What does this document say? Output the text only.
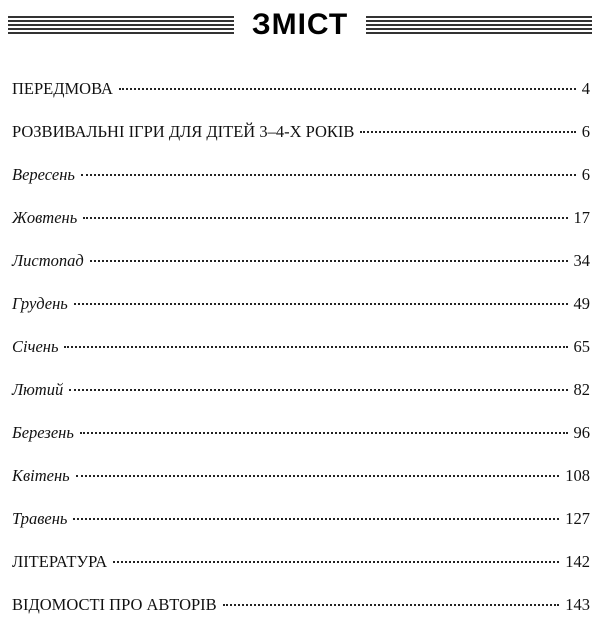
ЗМІСТ
ПЕРЕДМОВА	4
РОЗВИВАЛЬНІ ІГРИ ДЛЯ ДІТЕЙ 3–4-Х РОКІВ	6
Вересень	6
Жовтень	17
Листопад	34
Грудень	49
Січень	65
Лютий	82
Березень	96
Квітень	108
Травень	127
ЛІТЕРАТУРА	142
ВІДОМОСТІ ПРО АВТОРІВ	143
